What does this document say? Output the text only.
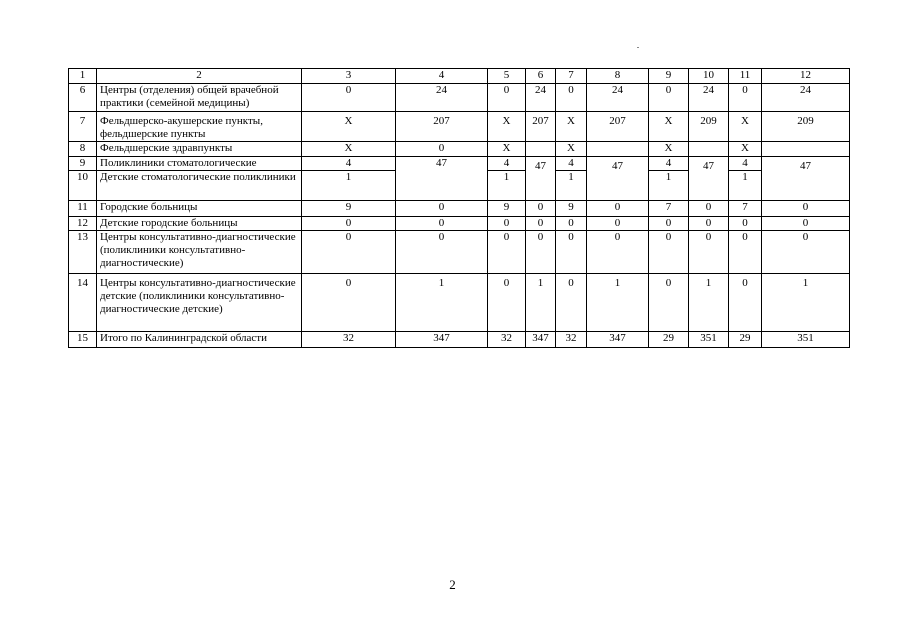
1	2	3	4	5	6	7	8	9	10	11	12
6	Центры (отделения) общей врачебной практики (семейной медицины)	0	24	0	24	0	24	0	24	0	24
7	Фельдшерско-акушерские пункты, фельдшерские пункты	Х	207	Х	207	Х	207	Х	209	Х	209
8	Фельдшерские здравпункты	Х	0	Х		Х		Х		Х	
9	Поликлиники стоматологические	4	47	4	47	4	47	4	47	4	47
10	Детские стоматологические поликлиники	1		1		1		1		1	
11	Городские больницы	9	0	9	0	9	0	7	0	7	0
12	Детские городские больницы	0	0	0	0	0	0	0	0	0	0
13	Центры консультативно-диагностические (поликлиники консультативно-диагностические)	0	0	0	0	0	0	0	0	0	0
14	Центры консультативно-диагностические детские (поликлиники консультативно-диагностические детские)	0	1	0	1	0	1	0	1	0	1
15	Итого по Калининградской области	32	347	32	347	32	347	29	351	29	351
2
